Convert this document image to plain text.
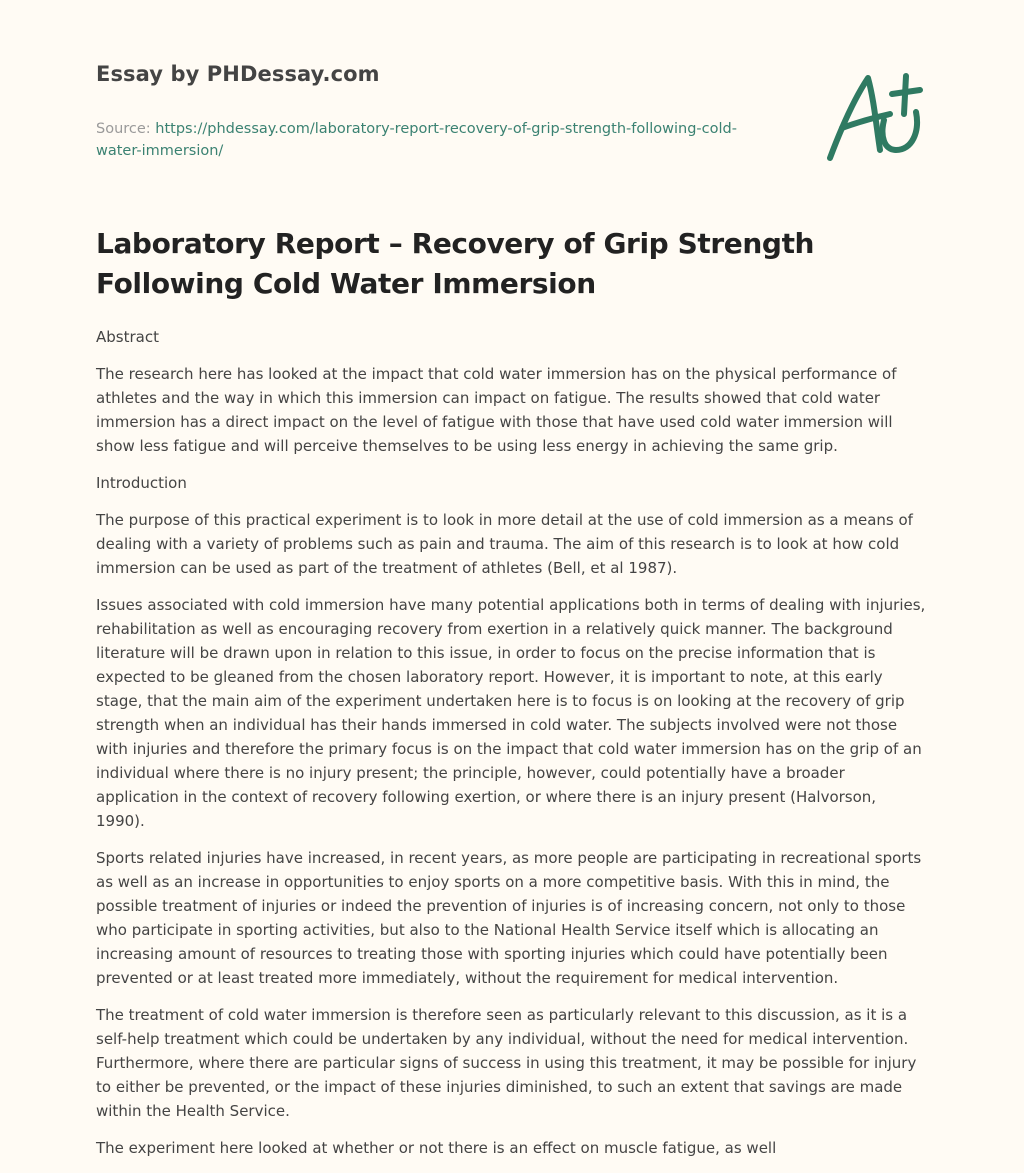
Essay by PHDessay.com
Source: https://phdessay.com/laboratory-report-recovery-of-grip-strength-following-cold-
water-immersion/
Laboratory Report – Recovery of Grip Strength Following Cold Water Immersion

Abstract

The research here has looked at the impact that cold water immersion has on the physical performance of athletes and the way in which this immersion can impact on fatigue. The results showed that cold water immersion has a direct impact on the level of fatigue with those that have used cold water immersion will show less fatigue and will perceive themselves to be using less energy in achieving the same grip.

Introduction

The purpose of this practical experiment is to look in more detail at the use of cold immersion as a means of dealing with a variety of problems such as pain and trauma. The aim of this research is to look at how cold immersion can be used as part of the treatment of athletes (Bell, et al 1987).

Issues associated with cold immersion have many potential applications both in terms of dealing with injuries, rehabilitation as well as encouraging recovery from exertion in a relatively quick manner. The background literature will be drawn upon in relation to this issue, in order to focus on the precise information that is expected to be gleaned from the chosen laboratory report. However, it is important to note, at this early stage, that the main aim of the experiment undertaken here is to focus is on looking at the recovery of grip strength when an individual has their hands immersed in cold water. The subjects involved were not those with injuries and therefore the primary focus is on the impact that cold water immersion has on the grip of an individual where there is no injury present; the principle, however, could potentially have a broader application in the context of recovery following exertion, or where there is an injury present (Halvorson, 1990).

Sports related injuries have increased, in recent years, as more people are participating in recreational sports as well as an increase in opportunities to enjoy sports on a more competitive basis. With this in mind, the possible treatment of injuries or indeed the prevention of injuries is of increasing concern, not only to those who participate in sporting activities, but also to the National Health Service itself which is allocating an increasing amount of resources to treating those with sporting injuries which could have potentially been prevented or at least treated more immediately, without the requirement for medical intervention.

The treatment of cold water immersion is therefore seen as particularly relevant to this discussion, as it is a self-help treatment which could be undertaken by any individual, without the need for medical intervention. Furthermore, where there are particular signs of success in using this treatment, it may be possible for injury to either be prevented, or the impact of these injuries diminished, to such an extent that savings are made within the Health Service.

The experiment here looked at whether or not there is an effect on muscle fatigue, as well
